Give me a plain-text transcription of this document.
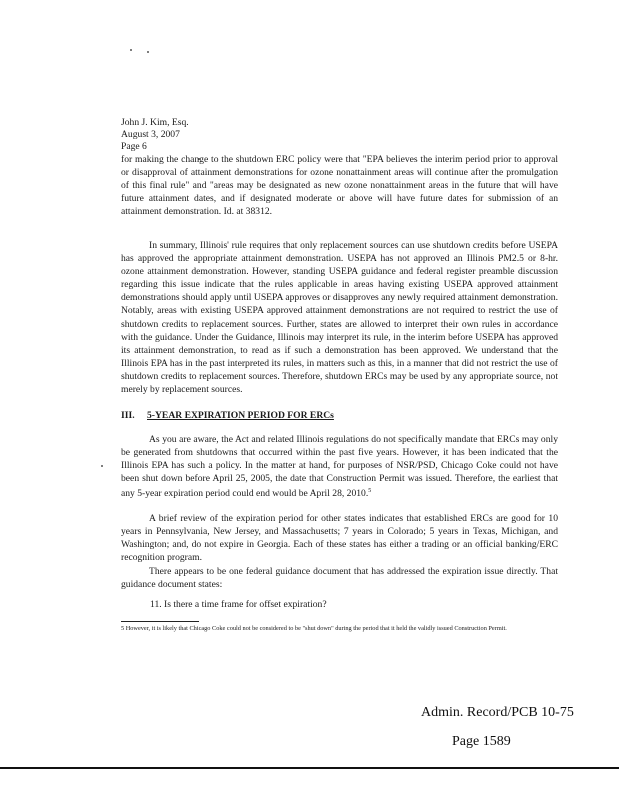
John J. Kim, Esq.

August 3, 2007

Page 6

for making the change to the shutdown ERC policy were that "EPA believes the interim period prior to approval or disapproval of attainment demonstrations for ozone nonattainment areas will continue after the promulgation of this final rule" and "areas may be designated as new ozone nonattainment areas in the future that will have future attainment dates, and if designated moderate or above will have future dates for submission of an attainment demonstration. Id. at 38312.

In summary, Illinois' rule requires that only replacement sources can use shutdown credits before USEPA has approved the appropriate attainment demonstration. USEPA has not approved an Illinois PM2.5 or 8-hr. ozone attainment demonstration. However, standing USEPA guidance and federal register preamble discussion regarding this issue indicate that the rules applicable in areas having existing USEPA approved attainment demonstrations should apply until USEPA approves or disapproves any newly required attainment demonstration. Notably, areas with existing USEPA approved attainment demonstrations are not required to restrict the use of shutdown credits to replacement sources. Further, states are allowed to interpret their own rules in accordance with the guidance. Under the Guidance, Illinois may interpret its rule, in the interim before USEPA has approved its attainment demonstration, to read as if such a demonstration has been approved. We understand that the Illinois EPA has in the past interpreted its rules, in matters such as this, in a manner that did not restrict the use of shutdown credits to replacement sources. Therefore, shutdown ERCs may be used by any appropriate source, not merely by replacement sources.

III. 5-YEAR EXPIRATION PERIOD FOR ERCs

As you are aware, the Act and related Illinois regulations do not specifically mandate that ERCs may only be generated from shutdowns that occurred within the past five years. However, it has been indicated that the Illinois EPA has such a policy. In the matter at hand, for purposes of NSR/PSD, Chicago Coke could not have been shut down before April 25, 2005, the date that Construction Permit was issued. Therefore, the earliest that any 5-year expiration period could end would be April 28, 2010.$^5$

A brief review of the expiration period for other states indicates that established ERCs are good for 10 years in Pennsylvania, New Jersey, and Massachusetts; 7 years in Colorado; 5 years in Texas, Michigan, and Washington; and, do not expire in Georgia. Each of these states has either a trading or an official banking/ERC recognition program.

There appears to be one federal guidance document that has addressed the expiration issue directly. That guidance document states:

11. Is there a time frame for offset expiration?

5 However, it is likely that Chicago Coke could not be considered to be "shut down" during the period that it held the validly issued Construction Permit.

Admin. Record/PCB 10-75

Page 1589
